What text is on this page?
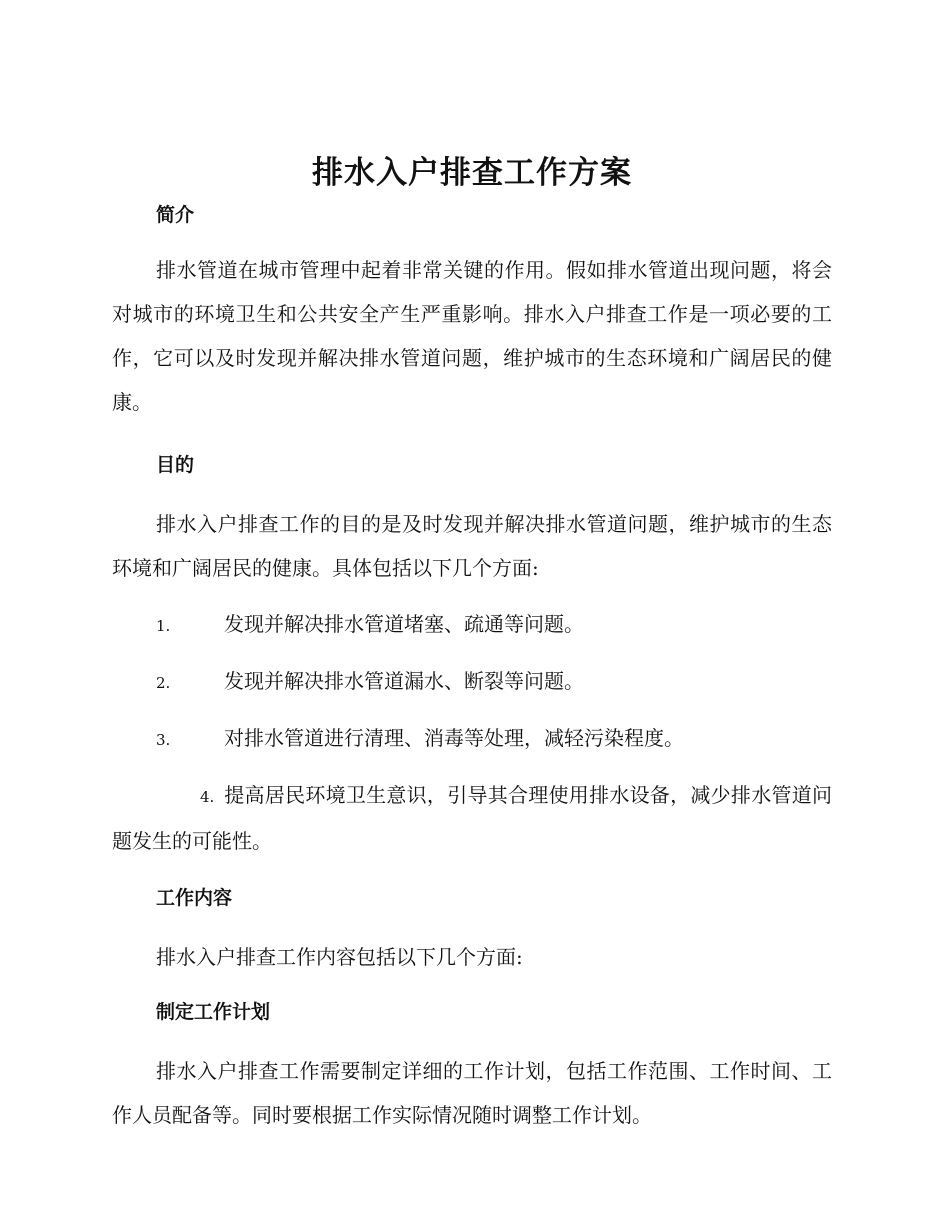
排水入户排查工作方案
简介

排水管道在城市管理中起着非常关键的作用。假如排水管道出现问题，将会对城市的环境卫生和公共安全产生严重影响。排水入户排查工作是一项必要的工作，它可以及时发现并解决排水管道问题，维护城市的生态环境和广阔居民的健康。

目的

排水入户排查工作的目的是及时发现并解决排水管道问题，维护城市的生态环境和广阔居民的健康。具体包括以下几个方面:

1.	发现并解决排水管道堵塞、疏通等问题。

2.	发现并解决排水管道漏水、断裂等问题。

3.	对排水管道进行清理、消毒等处理，减轻污染程度。

4. 提高居民环境卫生意识，引导其合理使用排水设备，减少排水管道问题发生的可能性。

工作内容

排水入户排查工作内容包括以下几个方面:

制定工作计划

排水入户排查工作需要制定详细的工作计划，包括工作范围、工作时间、工作人员配备等。同时要根据工作实际情况随时调整工作计划。
